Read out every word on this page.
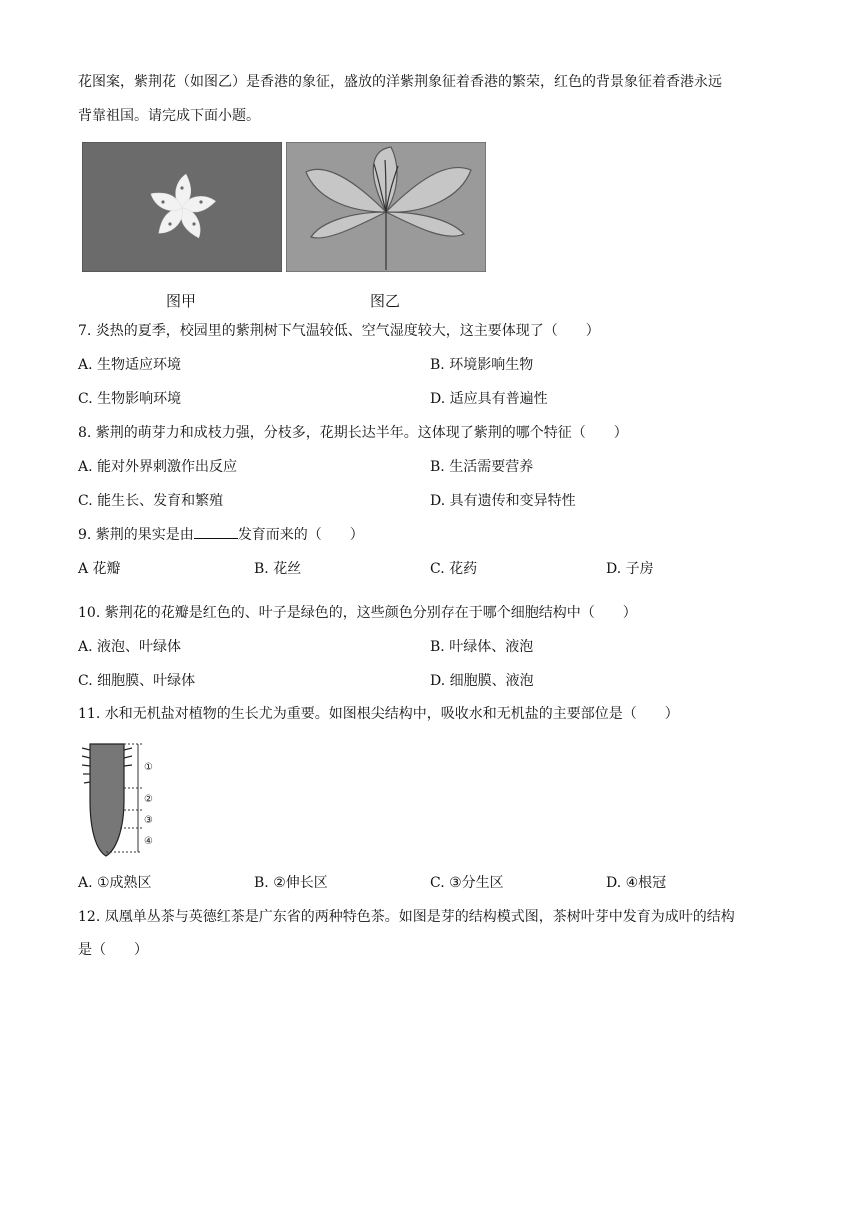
花图案，紫荆花（如图乙）是香港的象征，盛放的洋紫荆象征着香港的繁荣，红色的背景象征着香港永远
背靠祖国。请完成下面小题。
图甲	图乙
7. 炎热的夏季，校园里的紫荆树下气温较低、空气湿度较大，这主要体现了（　　）
A. 生物适应环境	B. 环境影响生物
C. 生物影响环境	D. 适应具有普遍性
8. 紫荆的萌芽力和成枝力强，分枝多，花期长达半年。这体现了紫荆的哪个特征（　　）
A. 能对外界刺激作出反应	B. 生活需要营养
C. 能生长、发育和繁殖	D. 具有遗传和变异特性
9. 紫荆的果实是由	发育而来的（　　）
A 花瓣	B. 花丝	C. 花药	D. 子房
10. 紫荆花的花瓣是红色的、叶子是绿色的，这些颜色分别存在于哪个细胞结构中（　　）
A. 液泡、叶绿体	B. 叶绿体、液泡
C. 细胞膜、叶绿体	D. 细胞膜、液泡
11. 水和无机盐对植物的生长尤为重要。如图根尖结构中，吸收水和无机盐的主要部位是（　　）
①
②
③
④
A. ①成熟区	B. ②伸长区	C. ③分生区	D. ④根冠
12. 凤凰单丛茶与英德红茶是广东省的两种特色茶。如图是芽的结构模式图，茶树叶芽中发育为成叶的结构
是（　　）
